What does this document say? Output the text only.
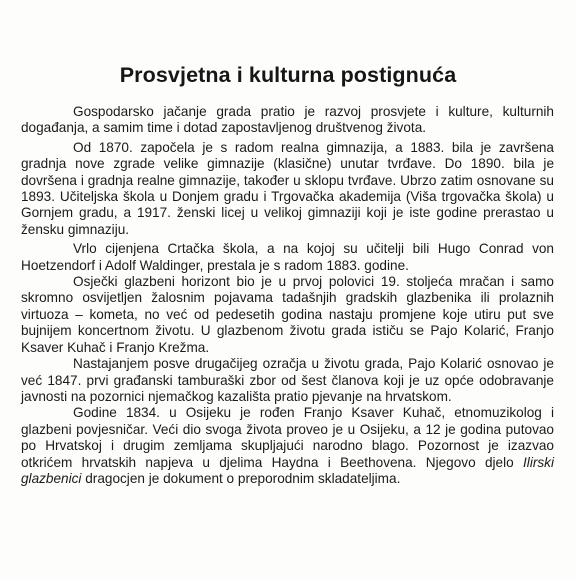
Prosvjetna i kulturna postignuća

Gospodarsko jačanje grada pratio je razvoj prosvjete i kulture, kulturnih događanja, a samim time i dotad zapostavljenog društvenog života.

Od 1870. započela je s radom realna gimnazija, a 1883. bila je završena gradnja nove zgrade velike gimnazije (klasične) unutar tvrđave. Do 1890. bila je dovršena i gradnja realne gimnazije, također u sklopu tvrđave. Ubrzo zatim osnovane su 1893. Učiteljska škola u Donjem gradu i Trgovačka akademija (Viša trgovačka škola) u Gornjem gradu, a 1917. ženski licej u velikoj gimnaziji koji je iste godine prerastao u žensku gimnaziju.

Vrlo cijenjena Crtačka škola, a na kojoj su učitelji bili Hugo Conrad von Hoetzendorf i Adolf Waldinger, prestala je s radom 1883. godine.

Osječki glazbeni horizont bio je u prvoj polovici 19. stoljeća mračan i samo skromno osvijetljen žalosnim pojavama tadašnjih gradskih glazbenika ili prolaznih virtuoza – kometa, no već od pedesetih godina nastaju promjene koje utiru put sve bujnijem koncertnom životu. U glazbenom životu grada ističu se Pajo Kolarić, Franjo Ksaver Kuhač i Franjo Krežma.

Nastajanjem posve drugačijeg ozračja u životu grada, Pajo Kolarić osnovao je već 1847. prvi građanski tamburaški zbor od šest članova koji je uz opće odobravanje javnosti na pozornici njemačkog kazališta pratio pjevanje na hrvatskom.

Godine 1834. u Osijeku je rođen Franjo Ksaver Kuhač, etnomuzikolog i glazbeni povjesničar. Veći dio svoga života proveo je u Osijeku, a 12 je godina putovao po Hrvatskoj i drugim zemljama skupljajući narodno blago. Pozornost je izazvao otkrićem hrvatskih napjeva u djelima Haydna i Beethovena. Njegovo djelo Ilirski glazbenici dragocjen je dokument o preporodnim skladateljima.
